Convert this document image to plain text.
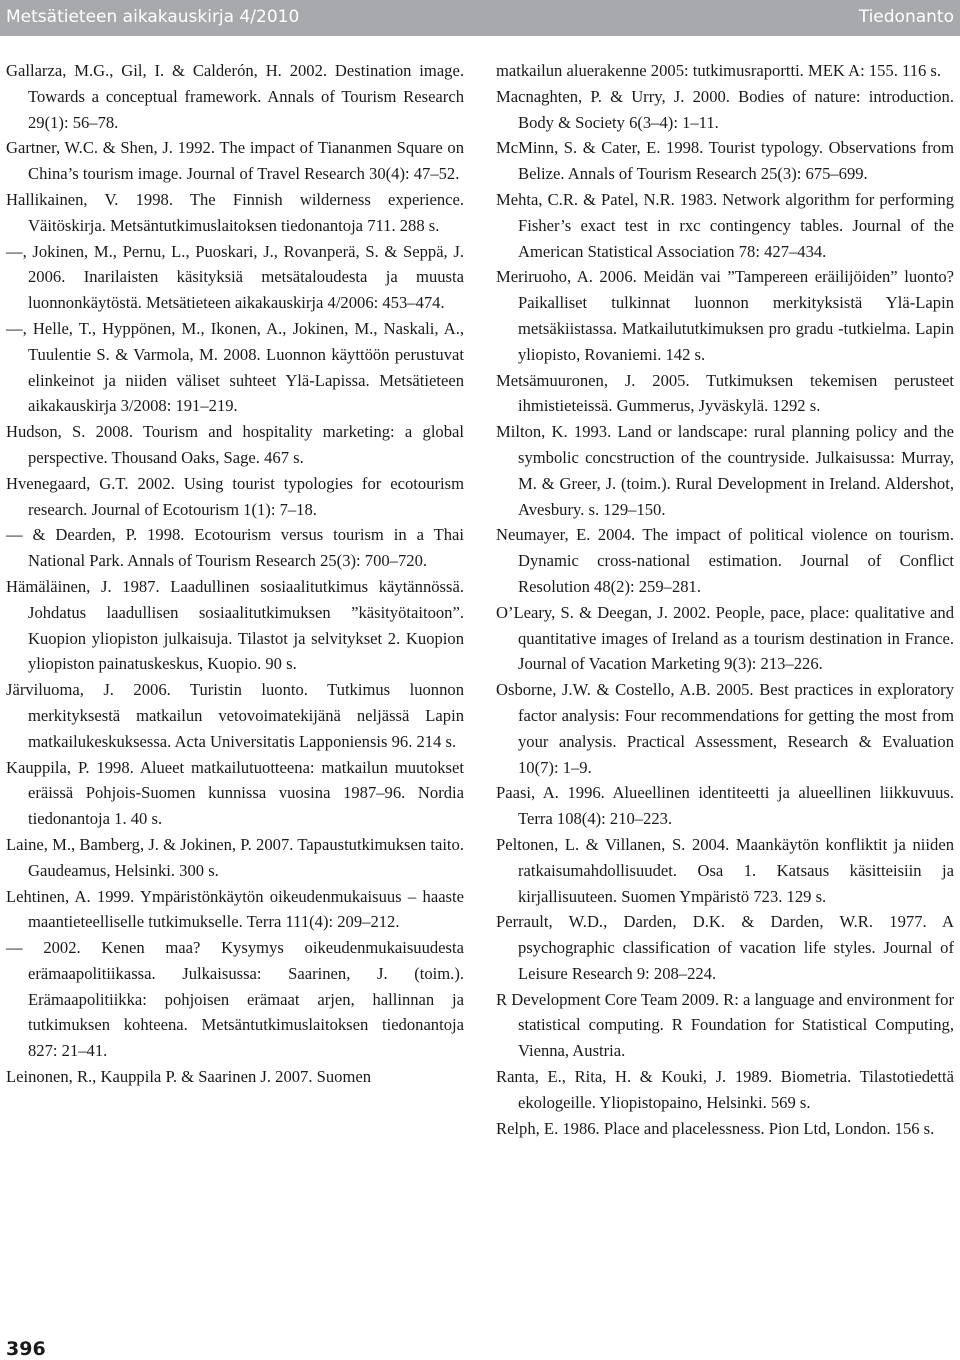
Metsätieteen aikakauskirja 4/2010	Tiedonanto

Gallarza, M.G., Gil, I. & Calderón, H. 2002. Destination image. Towards a conceptual framework. Annals of Tourism Research 29(1): 56–78.

Gartner, W.C. & Shen, J. 1992. The impact of Tiananmen Square on China’s tourism image. Journal of Travel Research 30(4): 47–52.

Hallikainen, V. 1998. The Finnish wilderness experience. Väitöskirja. Metsäntutkimuslaitoksen tiedonantoja 711. 288 s.

—, Jokinen, M., Pernu, L., Puoskari, J., Rovanperä, S. & Seppä, J. 2006. Inarilaisten käsityksiä metsätaloudesta ja muusta luonnonkäytöstä. Metsätieteen aikakauskirja 4/2006: 453–474.

—, Helle, T., Hyppönen, M., Ikonen, A., Jokinen, M., Naskali, A., Tuulentie S. & Varmola, M. 2008. Luonnon käyttöön perustuvat elinkeinot ja niiden väliset suhteet Ylä-Lapissa. Metsätieteen aikakauskirja 3/2008: 191–219.

Hudson, S. 2008. Tourism and hospitality marketing: a global perspective. Thousand Oaks, Sage. 467 s.

Hvenegaard, G.T. 2002. Using tourist typologies for ecotourism research. Journal of Ecotourism 1(1): 7–18.

— & Dearden, P. 1998. Ecotourism versus tourism in a Thai National Park. Annals of Tourism Research 25(3): 700–720.

Hämäläinen, J. 1987. Laadullinen sosiaalitutkimus käytännössä. Johdatus laadullisen sosiaalitutkimuksen ”käsityötaitoon”. Kuopion yliopiston julkaisuja. Tilastot ja selvitykset 2. Kuopion yliopiston painatuskeskus, Kuopio. 90 s.

Järviluoma, J. 2006. Turistin luonto. Tutkimus luonnon merkityksestä matkailun vetovoimatekijänä neljässä Lapin matkailukeskuksessa. Acta Universitatis Lapponiensis 96. 214 s.

Kauppila, P. 1998. Alueet matkailutuotteena: matkailun muutokset eräissä Pohjois-Suomen kunnissa vuosina 1987–96. Nordia tiedonantoja 1. 40 s.

Laine, M., Bamberg, J. & Jokinen, P. 2007. Tapaustutkimuksen taito. Gaudeamus, Helsinki. 300 s.

Lehtinen, A. 1999. Ympäristönkäytön oikeudenmukaisuus – haaste maantieteelliselle tutkimukselle. Terra 111(4): 209–212.

— 2002. Kenen maa? Kysymys oikeudenmukaisuudesta erämaapolitiikassa. Julkaisussa: Saarinen, J. (toim.). Erämaapolitiikka: pohjoisen erämaat arjen, hallinnan ja tutkimuksen kohteena. Metsäntutkimuslaitoksen tiedonantoja 827: 21–41.

Leinonen, R., Kauppila P. & Saarinen J. 2007. Suomen

matkailun aluerakenne 2005: tutkimusraportti. MEK A: 155. 116 s.

Macnaghten, P. & Urry, J. 2000. Bodies of nature: introduction. Body & Society 6(3–4): 1–11.

McMinn, S. & Cater, E. 1998. Tourist typology. Observations from Belize. Annals of Tourism Research 25(3): 675–699.

Mehta, C.R. & Patel, N.R. 1983. Network algorithm for performing Fisher’s exact test in rxc contingency tables. Journal of the American Statistical Association 78: 427–434.

Meriruoho, A. 2006. Meidän vai ”Tampereen eräilijöiden” luonto? Paikalliset tulkinnat luonnon merkityksistä Ylä-Lapin metsäkiistassa. Matkailututkimuksen pro gradu -tutkielma. Lapin yliopisto, Rovaniemi. 142 s.

Metsämuuronen, J. 2005. Tutkimuksen tekemisen perusteet ihmistieteissä. Gummerus, Jyväskylä. 1292 s.

Milton, K. 1993. Land or landscape: rural planning policy and the symbolic concstruction of the countryside. Julkaisussa: Murray, M. & Greer, J. (toim.). Rural Development in Ireland. Aldershot, Avesbury. s. 129–150.

Neumayer, E. 2004. The impact of political violence on tourism. Dynamic cross-national estimation. Journal of Conflict Resolution 48(2): 259–281.

O’Leary, S. & Deegan, J. 2002. People, pace, place: qualitative and quantitative images of Ireland as a tourism destination in France. Journal of Vacation Marketing 9(3): 213–226.

Osborne, J.W. & Costello, A.B. 2005. Best practices in exploratory factor analysis: Four recommendations for getting the most from your analysis. Practical Assessment, Research & Evaluation 10(7): 1–9.

Paasi, A. 1996. Alueellinen identiteetti ja alueellinen liikkuvuus. Terra 108(4): 210–223.

Peltonen, L. & Villanen, S. 2004. Maankäytön konfliktit ja niiden ratkaisumahdollisuudet. Osa 1. Katsaus käsitteisiin ja kirjallisuuteen. Suomen Ympäristö 723. 129 s.

Perrault, W.D., Darden, D.K. & Darden, W.R. 1977. A psychographic classification of vacation life styles. Journal of Leisure Research 9: 208–224.

R Development Core Team 2009. R: a language and environment for statistical computing. R Foundation for Statistical Computing, Vienna, Austria.

Ranta, E., Rita, H. & Kouki, J. 1989. Biometria. Tilastotiedettä ekologeille. Yliopistopaino, Helsinki. 569 s.

Relph, E. 1986. Place and placelessness. Pion Ltd, London. 156 s.

396
